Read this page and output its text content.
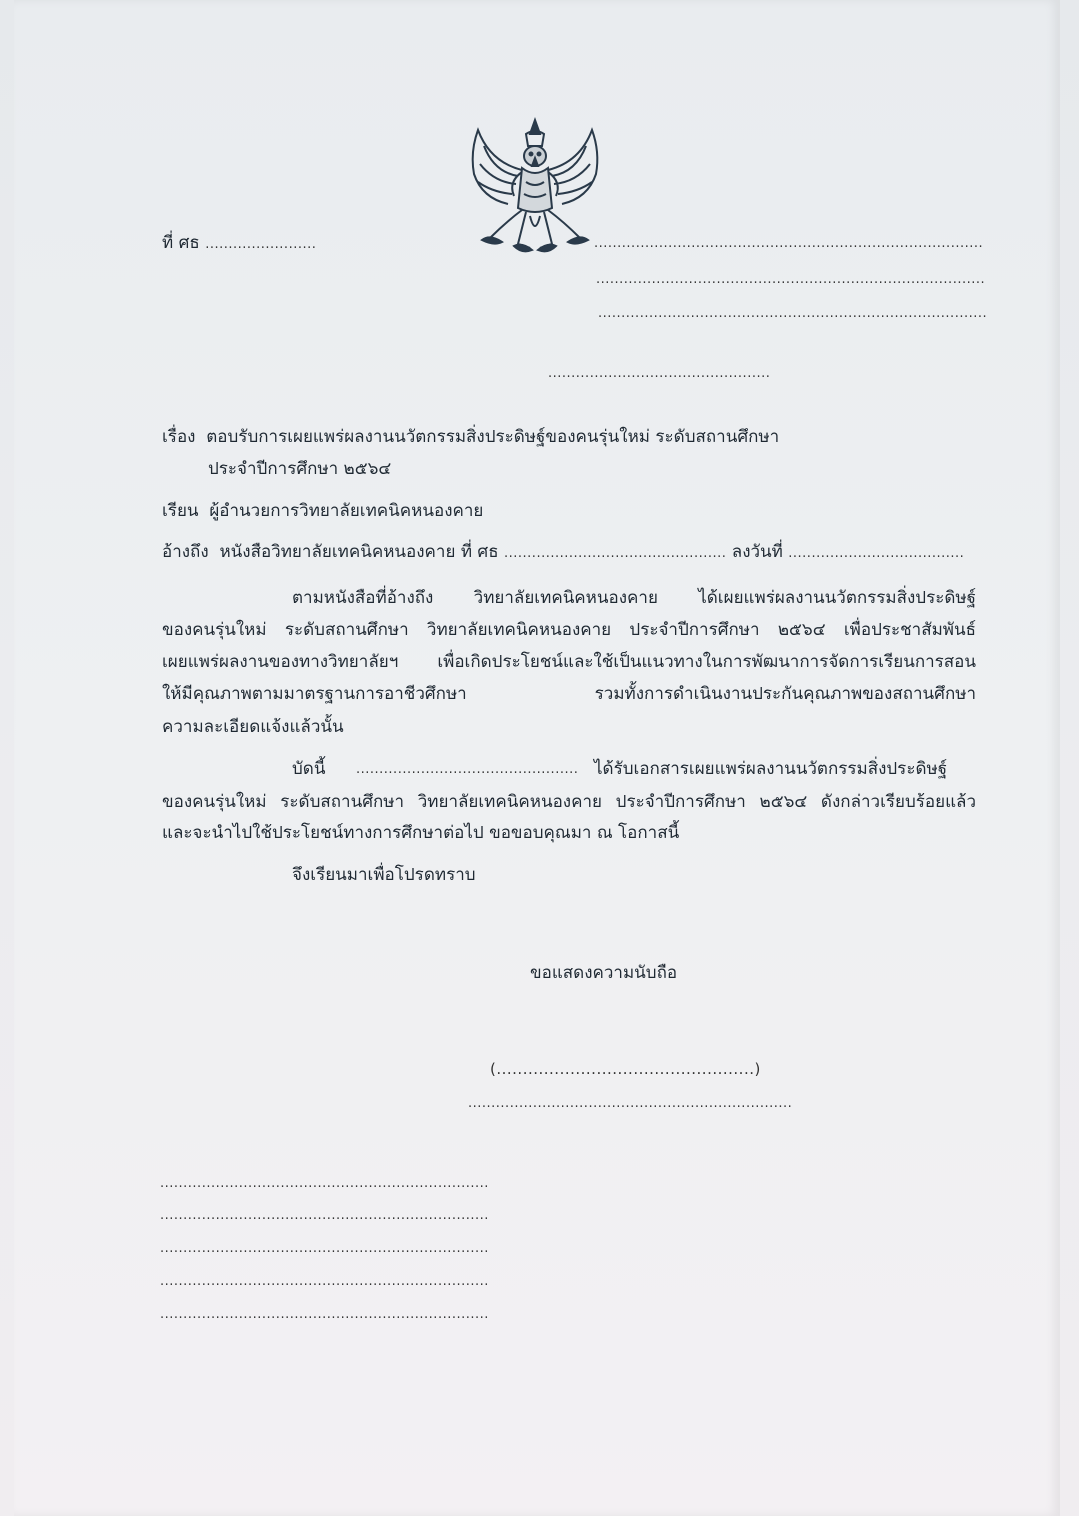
ที่ ศธ ........................	....................................................................................
....................................................................................
....................................................................................
................................................
เรื่อง ตอบรับการเผยแพร่ผลงานนวัตกรรมสิ่งประดิษฐ์ของคนรุ่นใหม่ ระดับสถานศึกษา
ประจำปีการศึกษา ๒๕๖๔
เรียน ผู้อำนวยการวิทยาลัยเทคนิคหนองคาย
อ้างถึง หนังสือวิทยาลัยเทคนิคหนองคาย ที่ ศธ ................................................ ลงวันที่ ......................................
ตามหนังสือที่อ้างถึง วิทยาลัยเทคนิคหนองคาย ได้เผยแพร่ผลงานนวัตกรรมสิ่งประดิษฐ์
ของคนรุ่นใหม่ ระดับสถานศึกษา วิทยาลัยเทคนิคหนองคาย ประจำปีการศึกษา ๒๕๖๔ เพื่อประชาสัมพันธ์
เผยแพร่ผลงานของทางวิทยาลัยฯ เพื่อเกิดประโยชน์และใช้เป็นแนวทางในการพัฒนาการจัดการเรียนการสอน
ให้มีคุณภาพตามมาตรฐานการอาชีวศึกษา รวมทั้งการดำเนินงานประกันคุณภาพของสถานศึกษา
ความละเอียดแจ้งแล้วนั้น
บัดนี้ ................................................ ได้รับเอกสารเผยแพร่ผลงานนวัตกรรมสิ่งประดิษฐ์
ของคนรุ่นใหม่ ระดับสถานศึกษา วิทยาลัยเทคนิคหนองคาย ประจำปีการศึกษา ๒๕๖๔ ดังกล่าวเรียบร้อยแล้ว
และจะนำไปใช้ประโยชน์ทางการศึกษาต่อไป ขอขอบคุณมา ณ โอกาสนี้
จึงเรียนมาเพื่อโปรดทราบ
ขอแสดงความนับถือ
(.................................................)
......................................................................
.......................................................................
.......................................................................
.......................................................................
.......................................................................
.......................................................................
